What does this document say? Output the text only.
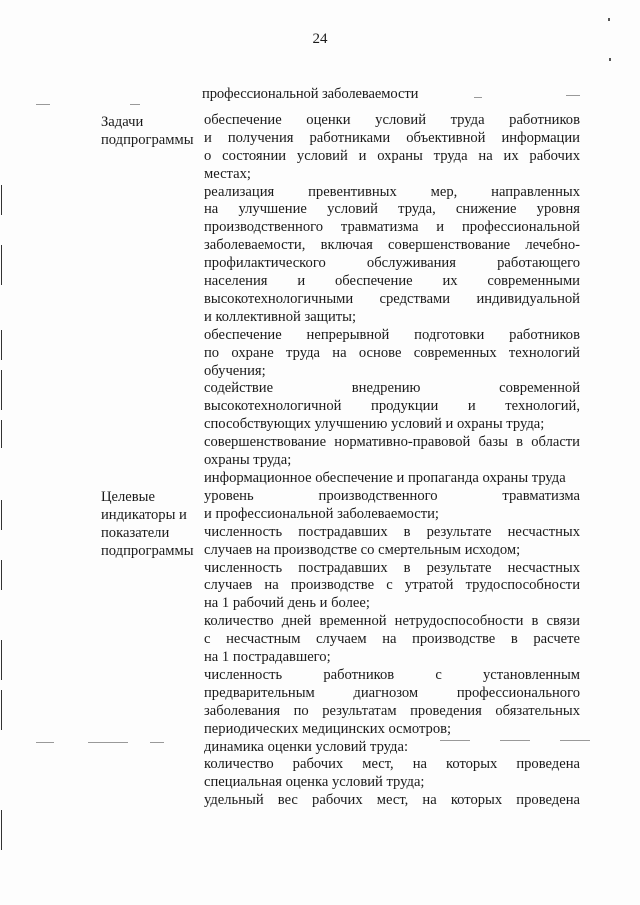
24
профессиональной заболеваемости
Задачи
подпрограммы
обеспечение оценки условий труда работников
и получения работниками объективной информации
о состоянии условий и охраны труда на их рабочих
местах;
реализация превентивных мер, направленных
на улучшение условий труда, снижение уровня
производственного травматизма и профессиональной
заболеваемости, включая совершенствование лечебно-
профилактического обслуживания работающего
населения и обеспечение их современными
высокотехнологичными средствами индивидуальной
и коллективной защиты;
обеспечение непрерывной подготовки работников
по охране труда на основе современных технологий
обучения;
содействие внедрению современной
высокотехнологичной продукции и технологий,
способствующих улучшению условий и охраны труда;
совершенствование нормативно-правовой базы в области
охраны труда;
информационное обеспечение и пропаганда охраны труда
Целевые
индикаторы и
показатели
подпрограммы
уровень производственного травматизма
и профессиональной заболеваемости;
численность пострадавших в результате несчастных
случаев на производстве со смертельным исходом;
численность пострадавших в результате несчастных
случаев на производстве с утратой трудоспособности
на 1 рабочий день и более;
количество дней временной нетрудоспособности в связи
с несчастным случаем на производстве в расчете
на 1 пострадавшего;
численность работников с установленным
предварительным диагнозом профессионального
заболевания по результатам проведения обязательных
периодических медицинских осмотров;
динамика оценки условий труда:
количество рабочих мест, на которых проведена
специальная оценка условий труда;
удельный вес рабочих мест, на которых проведена
